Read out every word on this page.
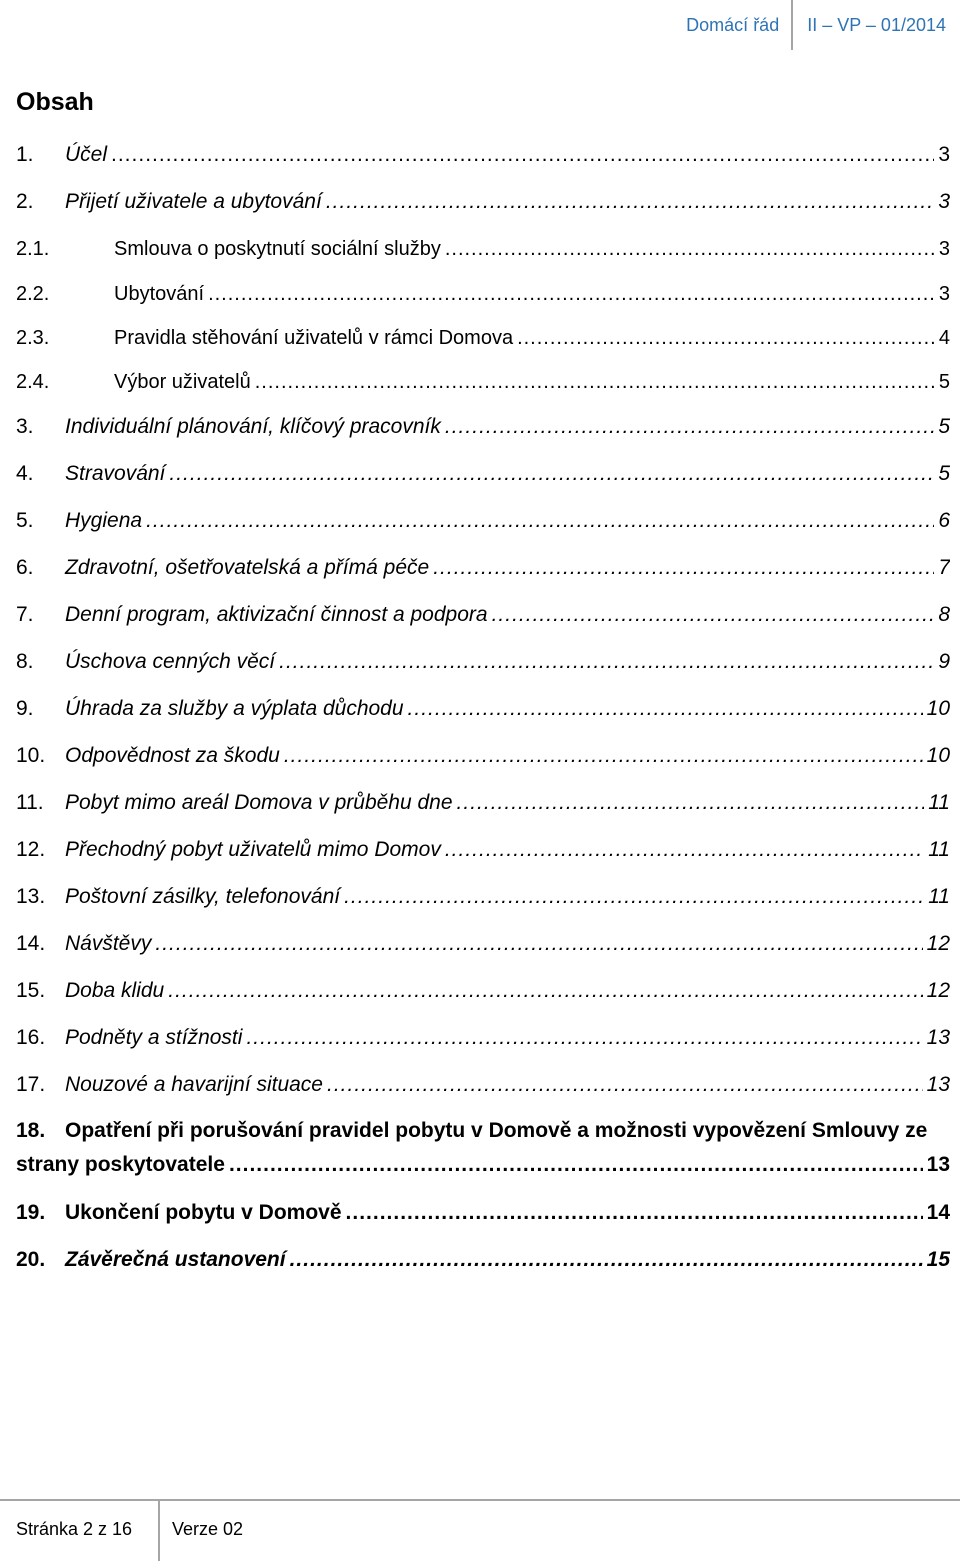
Domácí řád	II – VP – 01/2014
Obsah
1.	Účel .....	3
2.	Přijetí uživatele a ubytování .....	3
2.1.	Smlouva o poskytnutí sociální služby .....	3
2.2.	Ubytování .....	3
2.3.	Pravidla stěhování uživatelů v rámci Domova .....	4
2.4.	Výbor uživatelů .....	5
3.	Individuální plánování, klíčový pracovník .....	5
4.	Stravování .....	5
5.	Hygiena .....	6
6.	Zdravotní, ošetřovatelská a přímá péče .....	7
7.	Denní program, aktivizační činnost a podpora .....	8
8.	Úschova cenných věcí .....	9
9.	Úhrada za služby a výplata důchodu .....	10
10. Odpovědnost za škodu .....	10
11.	Pobyt mimo areál Domova v průběhu dne .....	11
12. Přechodný pobyt uživatelů mimo Domov .....	11
13. Poštovní zásilky, telefonování .....	11
14. Návštěvy .....	12
15. Doba klidu .....	12
16. Podněty a stížnosti .....	13
17. Nouzové a havarijní situace .....	13
18. Opatření při porušování pravidel pobytu v Domově a možnosti vypovězení Smlouvy ze
strany poskytovatele .....	13
19. Ukončení pobytu v Domově .....	14
20. Závěrečná ustanovení .....	15
Stránka 2 z 16 Verze 02
